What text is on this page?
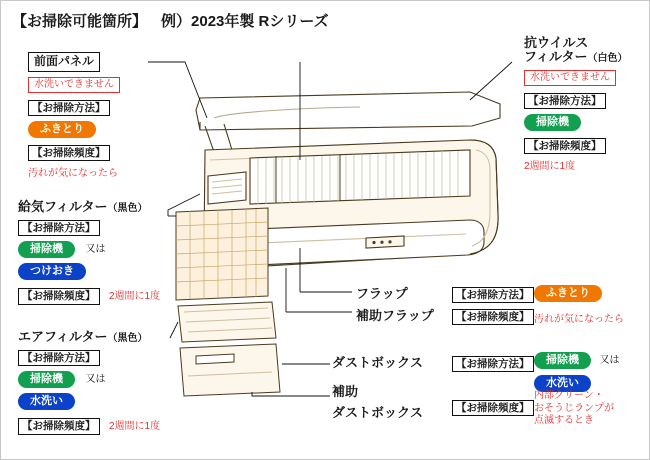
【お掃除可能箇所】 例）2023年製 Rシリーズ
前面パネル
水洗いできません
【お掃除方法】
ふきとり
【お掃除頻度】
汚れが気になったら
抗ウイルス
フィルター（白色）
水洗いできません
【お掃除方法】
掃除機
【お掃除頻度】
2週間に1度
給気フィルター（黒色）
【お掃除方法】
掃除機 又は
つけおき
【お掃除頻度】 2週間に1度
エアフィルター（黒色）
【お掃除方法】
掃除機 又は
水洗い
【お掃除頻度】 2週間に1度
フラップ	ふきとり
【お掃除方法】
補助フラップ	【お掃除頻度】 汚れが気になったら
ダストボックス	【お掃除方法】	掃除機 又は
水洗い
補助
ダストボックス	【お掃除頻度】
内部クリーン・
おそうじランプが
点滅するとき
